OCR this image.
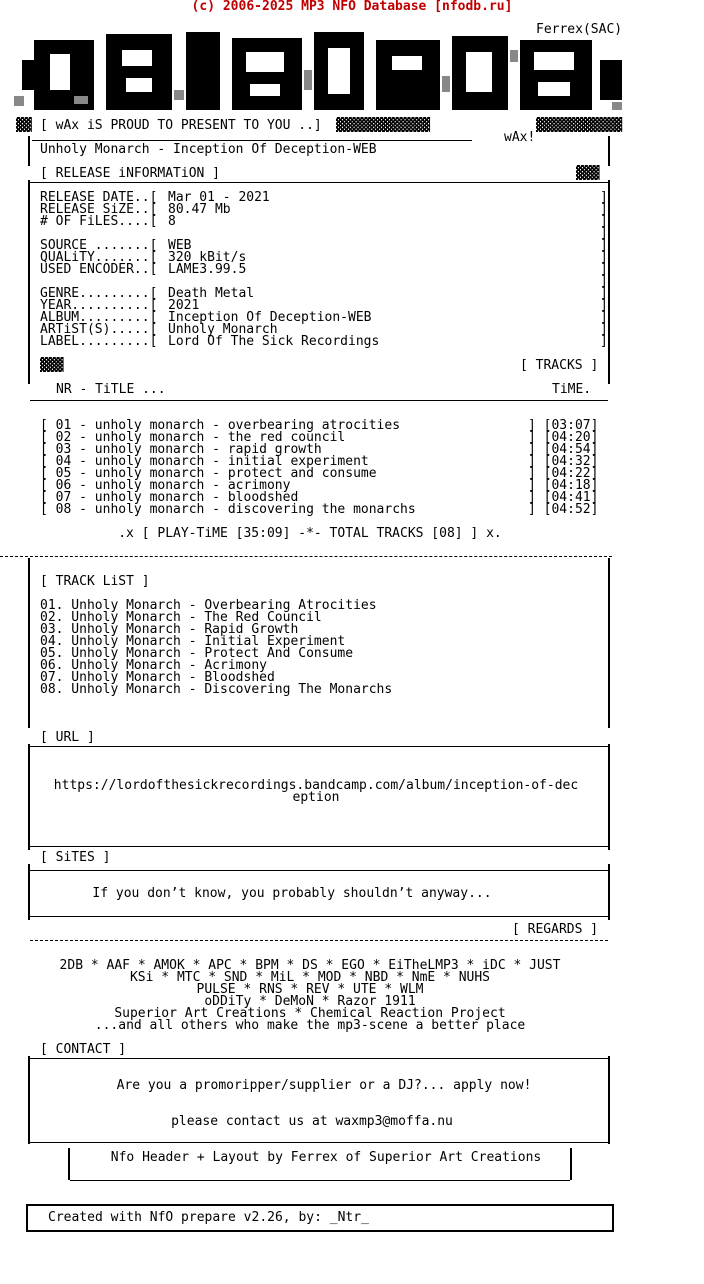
(c) 2006-2025 MP3 NFO Database [nfodb.ru]
Ferrex(SAC)
▓▓ [ wAx iS PROUD TO PRESENT TO YOU ..] ▓▓▓▓▓▓▓▓▓▓▓▓	▓▓▓▓▓▓▓▓▓▓▓
wAx!
Unholy Monarch - Inception Of Deception-WEB
[ RELEASE iNFORMATiON ]	▓▓▓
RELEASE DATE..[ Mar 01 - 2021	]
RELEASE SiZE..[ 80.47 Mb	]
# OF FiLES....[ 8	]
]
SOURCE .......[ WEB	]
QUALiTY.......[ 320 kBit/s	]
USED ENCODER..[ LAME3.99.5	]
]
GENRE.........[ Death Metal	]
YEAR..........[ 2021	]
ALBUM.........[ Inception Of Deception-WEB	]
ARTiST(S).....[ Unholy Monarch	]
LABEL.........[ Lord Of The Sick Recordings	]
[ TRACKS ]
▓▓▓
NR - TiTLE ...	TiME.
[ 01 - unholy monarch - overbearing atrocities	] [03:07]
[ 02 - unholy monarch - the red council	] [04:20]
[ 03 - unholy monarch - rapid growth	] [04:54]
[ 04 - unholy monarch - initial experiment	] [04:32]
[ 05 - unholy monarch - protect and consume	] [04:22]
[ 06 - unholy monarch - acrimony	] [04:18]
[ 07 - unholy monarch - bloodshed	] [04:41]
[ 08 - unholy monarch - discovering the monarchs	] [04:52]
.x [ PLAY-TiME [35:09] -*- TOTAL TRACKS [08] ] x.
[ TRACK LiST ]
01. Unholy Monarch - Overbearing Atrocities
02. Unholy Monarch - The Red Council
03. Unholy Monarch - Rapid Growth
04. Unholy Monarch - Initial Experiment
05. Unholy Monarch - Protect And Consume
06. Unholy Monarch - Acrimony
07. Unholy Monarch - Bloodshed
08. Unholy Monarch - Discovering The Monarchs
[ URL ]
https://lordofthesickrecordings.bandcamp.com/album/inception-of-dec
eption
[ SiTES ]
If you don’t know, you probably shouldn’t anyway...
[ REGARDS ]
2DB * AAF * AMOK * APC * BPM * DS * EGO * EiTheLMP3 * iDC * JUST
KSi * MTC * SND * MiL * MOD * NBD * NmE * NUHS
PULSE * RNS * REV * UTE * WLM
oDDiTy * DeMoN * Razor 1911
Superior Art Creations * Chemical Reaction Project
...and all others who make the mp3-scene a better place
[ CONTACT ]
Are you a promoripper/supplier or a DJ?... apply now!
please contact us at waxmp3@moffa.nu
Nfo Header + Layout by Ferrex of Superior Art Creations
Created with NfO prepare v2.26, by: _Ntr_
